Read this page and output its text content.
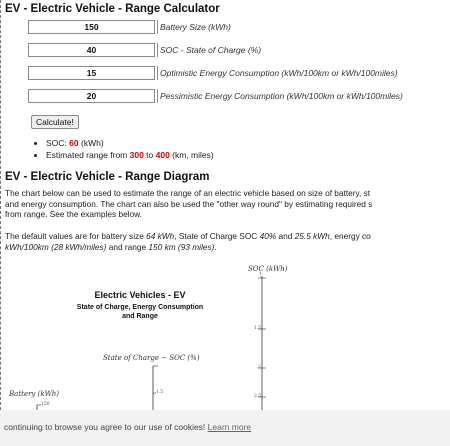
EV - Electric Vehicle - Range Calculator
150
Battery Size (kWh)
40
SOC - State of Charge (%)
15
Optimistic Energy Consumption (kWh/100km or kWh/100miles)
20
Pessimistic Energy Consumption (kWh/100km or kWh/100miles)
Calculate!
• SOC: 60 (kWh)
• Estimated range from 300 to 400 (km, miles)
EV - Electric Vehicle - Range Diagram

The chart below can be used to estimate the range of an electric vehicle based on size of battery, st
and energy consumption. The chart can also be used the "other way round" by estimating required s
from range. See the examples below.

The default values are for battery size 64 kWh, State of Charge SOC 40% and 25.5 kWh, energy co
kWh/100km (28 kWh/miles) and range 150 km (93 miles).

SOC (kWh)
1
1.5
2
2.5
Electric Vehicles - EV
State of Charge, Energy Consumption
and Range
State of Charge − SOC (%)
1.5
Battery (kWh)
150
continuing to browse you agree to our use of cookies! Learn more
